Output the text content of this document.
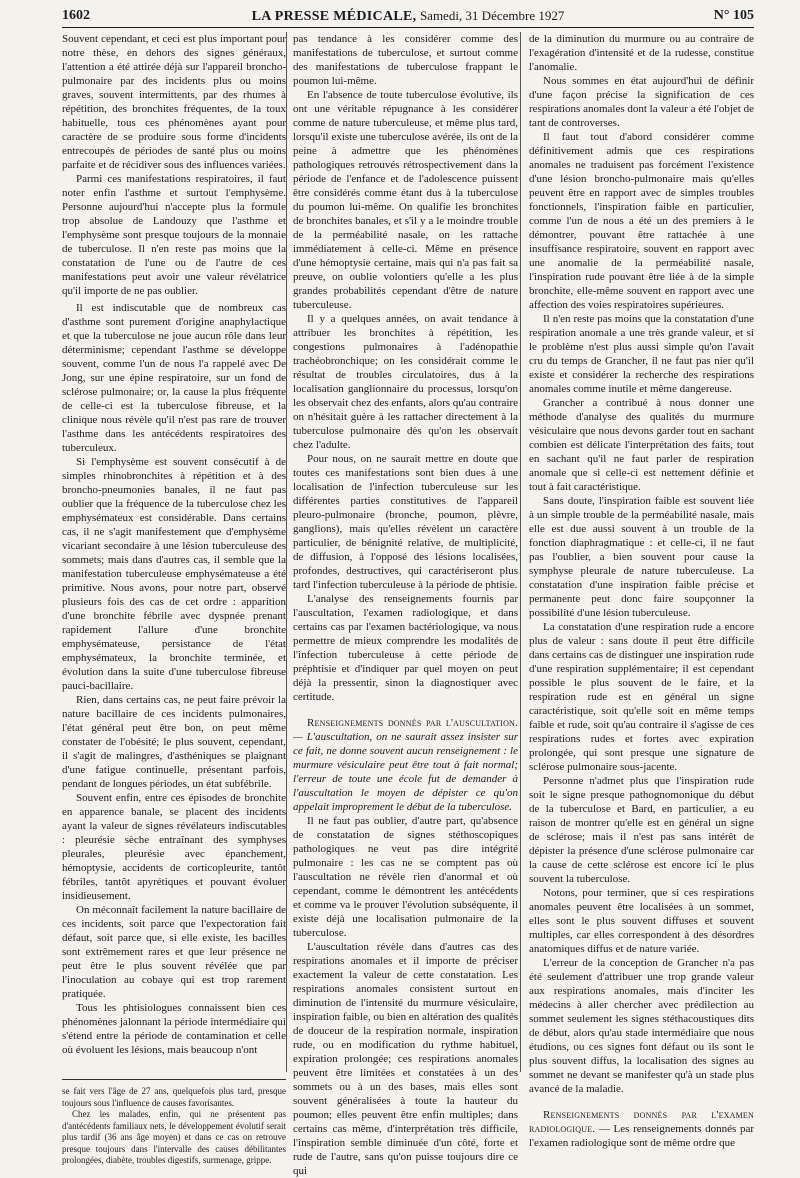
1602	LA PRESSE MÉDICALE, Samedi, 31 Décembre 1927	N° 105

Souvent cependant, et ceci est plus important pour notre thèse, en dehors des signes généraux, l'attention a été attirée déjà sur l'appareil broncho-pulmonaire par des incidents plus ou moins graves, souvent intermittents, par des rhumes à répétition, des bronchites fréquentes, de la toux habituelle, tous ces phénomènes ayant pour caractère de se produire sous forme d'incidents entrecoupés de périodes de santé plus ou moins parfaite et de récidiver sous des influences variées.

Parmi ces manifestations respiratoires, il faut noter enfin l'asthme et surtout l'emphysème. Personne aujourd'hui n'accepte plus la formule trop absolue de Landouzy que l'asthme et l'emphysème sont presque toujours de la monnaie de tuberculose. Il n'en reste pas moins que la constatation de l'une ou de l'autre de ces manifestations peut avoir une valeur révélatrice qu'il importe de ne pas oublier.

Il est indiscutable que de nombreux cas d'asthme sont purement d'origine anaphylactique et que la tuberculose ne joue aucun rôle dans leur déterminisme; cependant l'asthme se développe souvent, comme l'un de nous l'a rappelé avec De Jong, sur une épine respiratoire, sur un fond de sclérose pulmonaire; or, la cause la plus fréquente de celle-ci est la tuberculose fibreuse, et la clinique nous révèle qu'il n'est pas rare de trouver l'asthme dans les antécédents respiratoires des tuberculeux.

Si l'emphysème est souvent consécutif à de simples rhinobronchites à répétition et à des broncho-pneumonies banales, il ne faut pas oublier que la fréquence de la tuberculose chez les emphysémateux est considérable. Dans certains cas, il ne s'agit manifestement que d'emphysème vicariant secondaire à une lésion tuberculeuse des sommets; mais dans d'autres cas, il semble que la manifestation tuberculeuse emphysémateuse a été primitive. Nous avons, pour notre part, observé plusieurs fois des cas de cet ordre : apparition d'une bronchite fébrile avec dyspnée prenant rapidement l'allure d'une bronchite emphysémateuse, persistance de l'état emphysémateux, la bronchite terminée, et évolution dans la suite d'une tuberculose fibreuse pauci-bacillaire.

Rien, dans certains cas, ne peut faire prévoir la nature bacillaire de ces incidents pulmonaires, l'état général peut être bon, on peut même constater de l'obésité; le plus souvent, cependant, il s'agit de malingres, d'asthéniques se plaignant d'une fatigue continuelle, présentant parfois, pendant de longues périodes, un état subfébrile.

Souvent enfin, entre ces épisodes de bronchite en apparence banale, se placent des incidents ayant la valeur de signes révélateurs indiscutables : pleurésie sèche entraînant des symphyses pleurales, pleurésie avec épanchement, hémoptysie, accidents de corticopleurite, tantôt fébriles, tantôt apyrétiques et pouvant évoluer insidieusement.

On méconnaît facilement la nature bacillaire de ces incidents, soit parce que l'expectoration fait défaut, soit parce que, si elle existe, les bacilles sont extrêmement rares et que leur présence ne peut être le plus souvent révélée que par l'inoculation au cobaye qui est trop rarement pratiquée.

Tous les phtisiologues connaissent bien ces phénomènes jalonnant la période intermédiaire qui s'étend entre la période de contamination et celle où évoluent les lésions, mais beaucoup n'ont

se fait vers l'âge de 27 ans, quelquefois plus tard, presque toujours sous l'influence de causes favorisantes.

Chez les malades, enfin, qui ne présentent pas d'antécédents familiaux nets, le développement évolutif serait plus tardif (36 ans âge moyen) et dans ce cas on retrouve presque toujours dans l'intervalle des causes débilitantes prolongées, diabète, troubles digestifs, surmenage, grippe.

pas tendance à les considérer comme des manifestations de tuberculose, et surtout comme des manifestations de tuberculose frappant le poumon lui-même.

En l'absence de toute tuberculose évolutive, ils ont une véritable répugnance à les considérer comme de nature tuberculeuse, et même plus tard, lorsqu'il existe une tuberculose avérée, ils ont de la peine à admettre que les phénomènes pathologiques retrouvés rétrospectivement dans la période de l'enfance et de l'adolescence puissent être considérés comme étant dus à la tuberculose du poumon lui-même. On qualifie les bronchites de bronchites banales, et s'il y a le moindre trouble de la perméabilité nasale, on les rattache immédiatement à celle-ci. Même en présence d'une hémoptysie certaine, mais qui n'a pas fait sa preuve, on oublie volontiers qu'elle a les plus grandes probabilités cependant d'être de nature tuberculeuse.

Il y a quelques années, on avait tendance à attribuer les bronchites à répétition, les congestions pulmonaires à l'adénopathie trachéobronchique; on les considérait comme le résultat de troubles circulatoires, dus à la localisation ganglionnaire du processus, lorsqu'on les observait chez des enfants, alors qu'au contraire on n'hésitait guère à les rattacher directement à la tuberculose pulmonaire dès qu'on les observait chez l'adulte.

Pour nous, on ne saurait mettre en doute que toutes ces manifestations sont bien dues à une localisation de l'infection tuberculeuse sur les différentes parties constitutives de l'appareil pleuro-pulmonaire (bronche, poumon, plèvre, ganglions), mais qu'elles révèlent un caractère particulier, de bénignité relative, de multiplicité, de diffusion, à l'opposé des lésions localisées, profondes, destructives, qui caractériseront plus tard l'infection tuberculeuse à la période de phtisie.

L'analyse des renseignements fournis par l'auscultation, l'examen radiologique, et dans certains cas par l'examen bactériologique, va nous permettre de mieux comprendre les modalités de l'infection tuberculeuse à cette période de préphtisie et d'indiquer par quel moyen on peut déjà la pressentir, sinon la diagnostiquer avec certitude.

Renseignements donnés par l'auscultation. — L'auscultation, on ne saurait assez insister sur ce fait, ne donne souvent aucun renseignement : le murmure vésiculaire peut être tout à fait normal; l'erreur de toute une école fut de demander à l'auscultation le moyen de dépister ce qu'on appelait improprement le début de la tuberculose.

Il ne faut pas oublier, d'autre part, qu'absence de constatation de signes stéthoscopiques pathologiques ne veut pas dire intégrité pulmonaire : les cas ne se comptent pas où l'auscultation ne révèle rien d'anormal et où cependant, comme le démontrent les antécédents et comme va le prouver l'évolution subséquente, il existe déjà une localisation pulmonaire de la tuberculose.

L'auscultation révèle dans d'autres cas des respirations anomales et il importe de préciser exactement la valeur de cette constatation. Les respirations anomales consistent surtout en diminution de l'intensité du murmure vésiculaire, inspiration faible, ou bien en altération des qualités de douceur de la respiration normale, inspiration rude, ou en modification du rythme habituel, expiration prolongée; ces respirations anomales peuvent être limitées et constatées à un des sommets ou à un des bases, mais elles sont souvent généralisées à toute la hauteur du poumon; elles peuvent être enfin multiples; dans certains cas même, d'interprétation très difficile, l'inspiration semble diminuée d'un côté, forte et rude de l'autre, sans qu'on puisse toujours dire ce qui

de la diminution du murmure ou au contraire de l'exagération d'intensité et de la rudesse, constitue l'anomalie.

Nous sommes en état aujourd'hui de définir d'une façon précise la signification de ces respirations anomales dont la valeur a été l'objet de tant de controverses.

Il faut tout d'abord considérer comme définitivement admis que ces respirations anomales ne traduisent pas forcément l'existence d'une lésion broncho-pulmonaire mais qu'elles peuvent être en rapport avec de simples troubles fonctionnels, l'inspiration faible en particulier, comme l'un de nous a été un des premiers à le démontrer, pouvant être rattachée à une insuffisance respiratoire, souvent en rapport avec une anomalie de la perméabilité nasale, l'inspiration rude pouvant être liée à de la simple bronchite, elle-même souvent en rapport avec une affection des voies respiratoires supérieures.

Il n'en reste pas moins que la constatation d'une respiration anomale a une très grande valeur, et si le problème n'est plus aussi simple qu'on l'avait cru du temps de Grancher, il ne faut pas nier qu'il existe et considérer la recherche des respirations anomales comme inutile et même dangereuse.

Grancher a contribué à nous donner une méthode d'analyse des qualités du murmure vésiculaire que nous devons garder tout en sachant combien est délicate l'interprétation des faits, tout en sachant qu'il ne faut parler de respiration anomale que si celle-ci est nettement définie et tout à fait caractéristique.

Sans doute, l'inspiration faible est souvent liée à un simple trouble de la perméabilité nasale, mais elle est due aussi souvent à un trouble de la fonction diaphragmatique : et celle-ci, il ne faut pas l'oublier, a bien souvent pour cause la symphyse pleurale de nature tuberculeuse. La constatation d'une inspiration faible précise et permanente peut donc faire soupçonner la possibilité d'une lésion tuberculeuse.

La constatation d'une respiration rude a encore plus de valeur : sans doute il peut être difficile dans certains cas de distinguer une inspiration rude d'une respiration supplémentaire; il est cependant possible le plus souvent de le faire, et la respiration rude est en général un signe caractéristique, soit qu'elle soit en même temps faible et rude, soit qu'au contraire il s'agisse de ces respirations rudes et fortes avec expiration prolongée, qui sont presque une signature de sclérose pulmonaire sous-jacente.

Personne n'admet plus que l'inspiration rude soit le signe presque pathognomonique du début de la tuberculose et Bard, en particulier, a eu raison de montrer qu'elle est en général un signe de sclérose; mais il n'est pas sans intérêt de dépister la présence d'une sclérose pulmonaire car la cause de cette sclérose est encore ici le plus souvent la tuberculose.

Notons, pour terminer, que si ces respirations anomales peuvent être localisées à un sommet, elles sont le plus souvent diffuses et souvent multiples, car elles correspondent à des désordres anatomiques diffus et de nature variée.

L'erreur de la conception de Grancher n'a pas été seulement d'attribuer une trop grande valeur aux respirations anomales, mais d'inciter les médecins à aller chercher avec prédilection au sommet seulement les signes stéthacoustiques dits de début, alors qu'au stade intermédiaire que nous étudions, ou ces signes font défaut ou ils sont le plus souvent diffus, la localisation des signes au sommet ne devant se manifester qu'à un stade plus avancé de la maladie.

Renseignements donnés par l'examen radiologique. — Les renseignements donnés par l'examen radiologique sont de même ordre que
